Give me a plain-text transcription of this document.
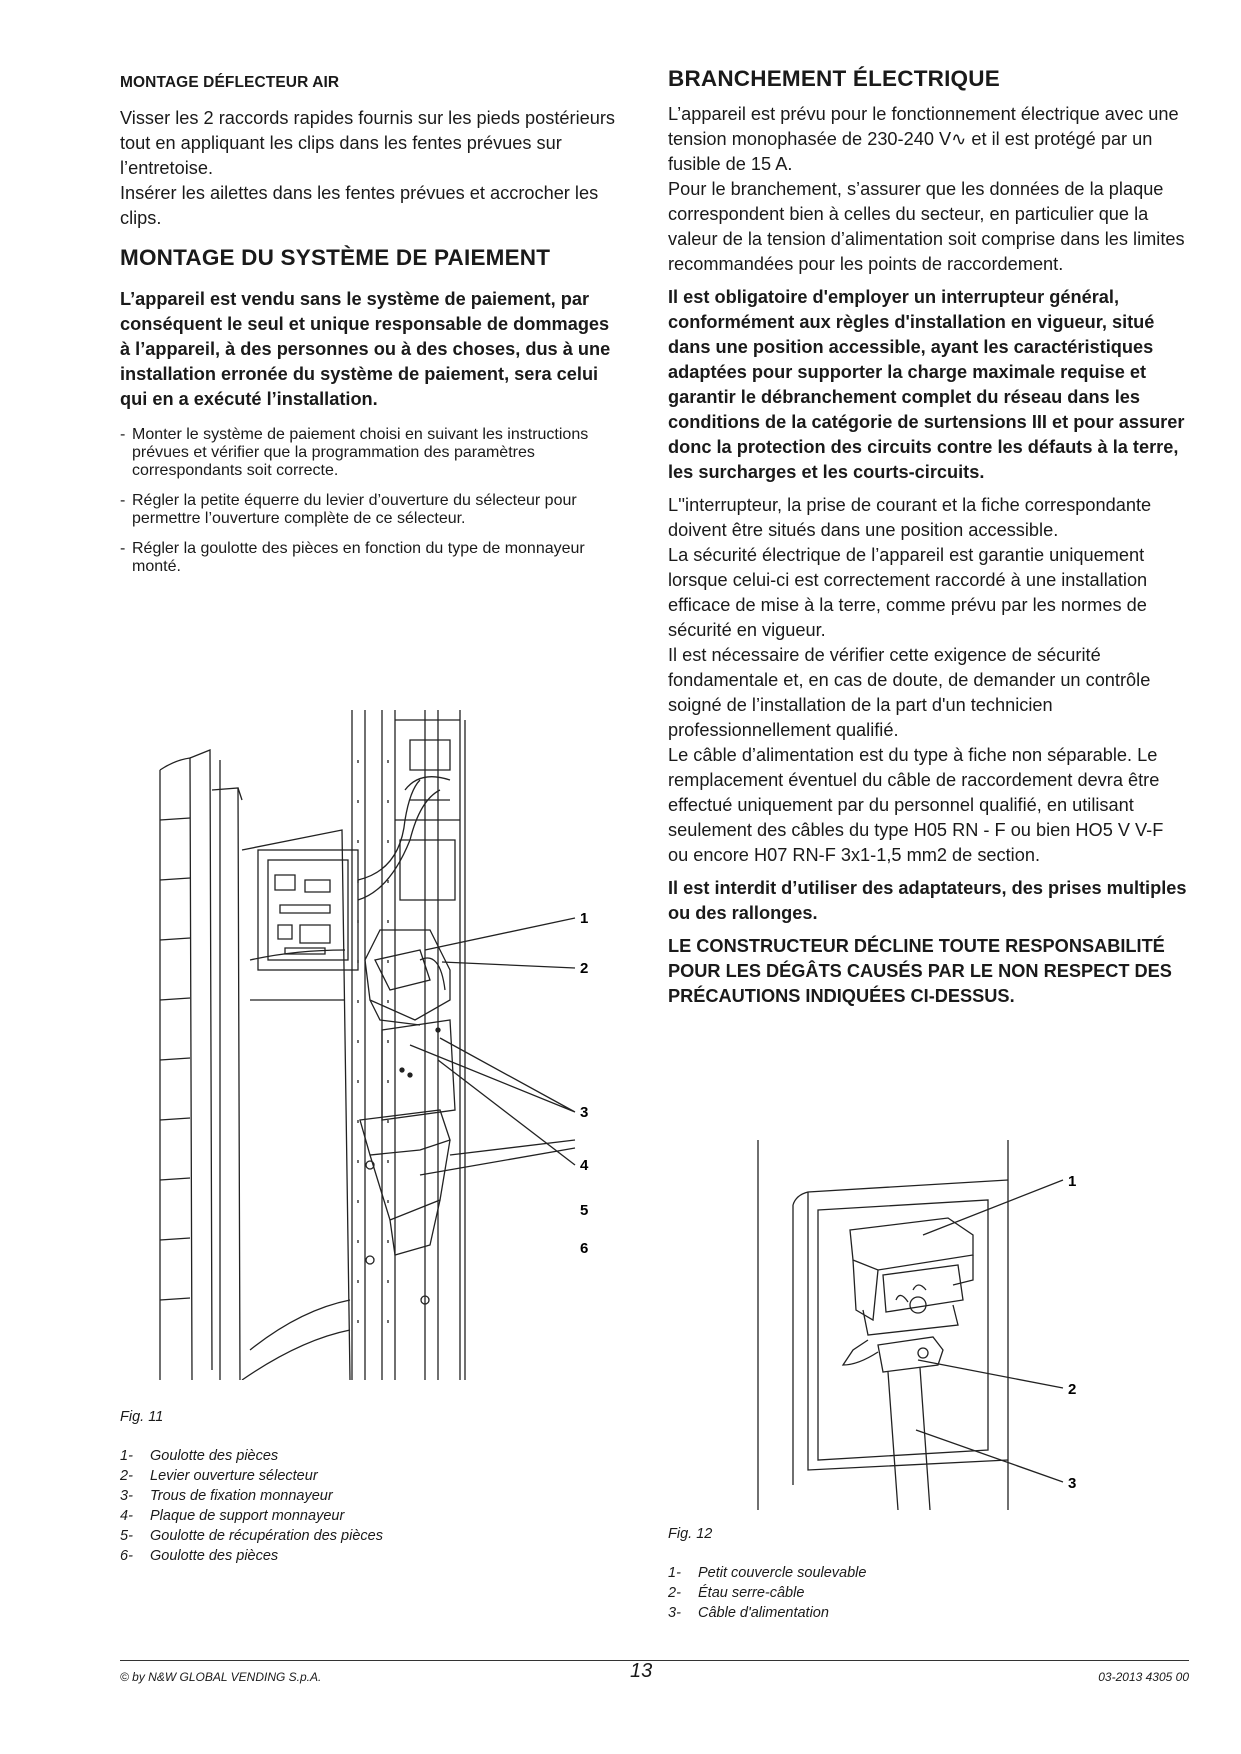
MONTAGE DÉFLECTEUR AIR

Visser les 2 raccords rapides fournis sur les pieds postérieurs tout en appliquant les clips dans les fentes prévues sur l’entretoise.

Insérer les ailettes dans les fentes prévues et accrocher les clips.

MONTAGE DU SYSTÈME DE PAIEMENT

L’appareil est vendu sans le système de paiement, par conséquent le seul et unique responsable de dommages à l’appareil, à des personnes ou à des choses, dus à une installation erronée du système de paiement, sera celui qui en a exécuté l’installation.

- Monter le système de paiement choisi en suivant les instructions prévues et vérifier que la programmation des paramètres correspondants soit correcte.
- Régler la petite équerre du levier d’ouverture du sélecteur pour permettre l’ouverture complète de ce sélecteur.
- Régler la goulotte des pièces en fonction du type de monnayeur monté.
1
2
3
4
5
6

Fig. 11

1-	Goulotte des pièces
2-	Levier ouverture sélecteur
3-	Trous de fixation monnayeur
4-	Plaque de support monnayeur
5-	Goulotte de récupération des pièces
6-	Goulotte des pièces
BRANCHEMENT ÉLECTRIQUE

L’appareil est prévu pour le fonctionnement électrique avec une tension monophasée de 230-240 V∿ et il est protégé par un fusible de 15 A.

Pour le branchement, s’assurer que les données de la plaque correspondent bien à celles du secteur, en particulier que la valeur de la tension d’alimentation soit comprise dans les limites recommandées pour les points de raccordement.

Il est obligatoire d'employer un interrupteur général, conformément aux règles d'installation en vigueur, situé dans une position accessible, ayant les caractéristiques adaptées pour supporter la charge maximale requise et garantir le débranchement complet du réseau dans les conditions de la catégorie de surtensions III et pour assurer donc la protection des circuits contre les défauts à la terre, les surcharges et les courts-circuits.

L''interrupteur, la prise de courant et la fiche correspondante doivent être situés dans une position accessible.

La sécurité électrique de l’appareil est garantie uniquement lorsque celui-ci est correctement raccordé à une installation efficace de mise à la terre, comme prévu par les normes de sécurité en vigueur.

Il est nécessaire de vérifier cette exigence de sécurité fondamentale et, en cas de doute, de demander un contrôle soigné de l’installation de la part d'un technicien professionnellement qualifié.

Le câble d’alimentation est du type à fiche non séparable. Le remplacement éventuel du câble de raccordement devra être effectué uniquement par du personnel qualifié, en utilisant seulement des câbles du type H05 RN - F ou bien HO5 V V-F ou encore H07 RN-F 3x1-1,5 mm2 de section.

Il est interdit d’utiliser des adaptateurs, des prises multiples ou des rallonges.

LE CONSTRUCTEUR DÉCLINE TOUTE RESPONSABILITÉ POUR LES DÉGÂTS CAUSÉS PAR LE NON RESPECT DES PRÉCAUTIONS INDIQUÉES CI-DESSUS.

1
2
3

Fig. 12

1-	Petit couvercle soulevable
2-	Étau serre-câble
3-	Câble d'alimentation
© by N&W GLOBAL VENDING S.p.A.	13	03-2013 4305 00
